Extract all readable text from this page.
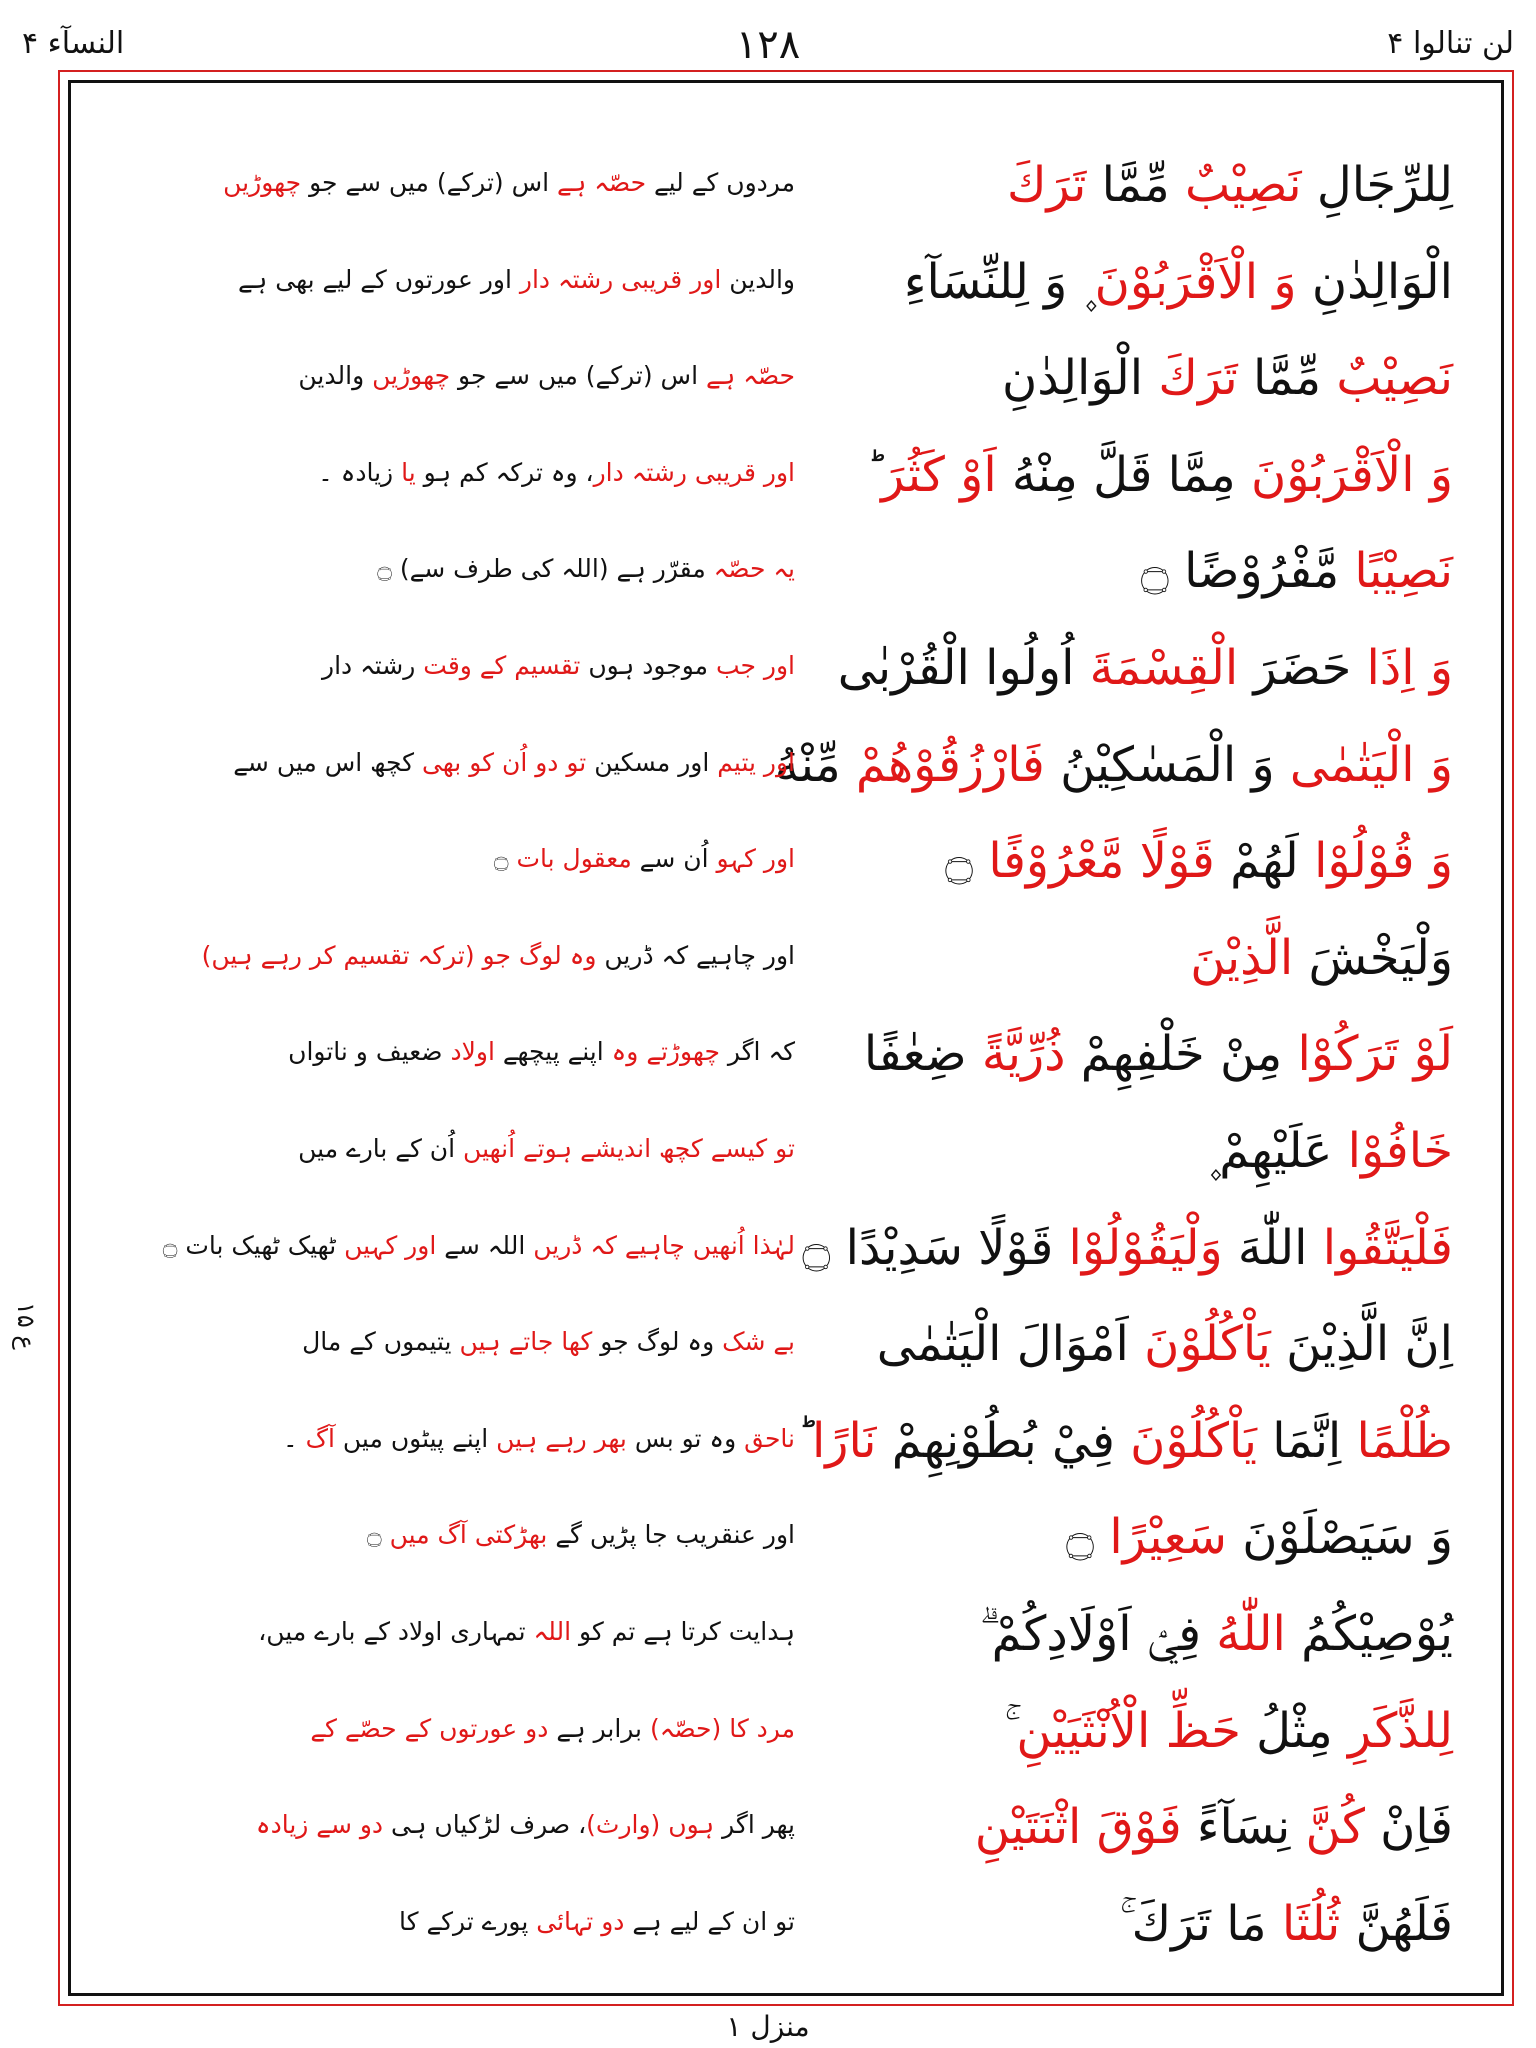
النسآء ۴	۱۲۸	لن تنالوا ۴
ع ۱۵
لِلرِّجَالِ نَصِيْبٌ مِّمَّا تَرَكَ
مردوں کے لیے حصّہ ہے اس (ترکے) میں سے جو چھوڑیں
الْوَالِدٰنِ وَ الْاَقْرَبُوْنَ ۪ وَ لِلنِّسَآءِ
والدین اور قریبی رشتہ دار اور عورتوں کے لیے بھی ہے
نَصِيْبٌ مِّمَّا تَرَكَ الْوَالِدٰنِ
حصّہ ہے اس (ترکے) میں سے جو چھوڑیں والدین
وَ الْاَقْرَبُوْنَ مِمَّا قَلَّ مِنْهُ اَوْ كَثُرَ ؕ
اور قریبی رشتہ دار، وہ ترکہ کم ہو یا زیادہ ۔
نَصِيْبًا مَّفْرُوْضًا ۝
یہ حصّہ مقرّر ہے (اللہ کی طرف سے) ۝
وَ اِذَا حَضَرَ الْقِسْمَةَ اُولُوا الْقُرْبٰى
اور جب موجود ہوں تقسیم کے وقت رشتہ دار
وَ الْيَتٰمٰى وَ الْمَسٰكِيْنُ فَارْزُقُوْهُمْ مِّنْهُ
اور یتیم اور مسکین تو دو اُن کو بھی کچھ اس میں سے
وَ قُوْلُوْا لَهُمْ قَوْلًا مَّعْرُوْفًا ۝
اور کہو اُن سے معقول بات ۝
وَلْيَخْشَ الَّذِيْنَ
اور چاہیے کہ ڈریں وہ لوگ جو (ترکہ تقسیم کر رہے ہیں)
لَوْ تَرَكُوْا مِنْ خَلْفِهِمْ ذُرِّيَّةً ضِعٰفًا
کہ اگر چھوڑتے وہ اپنے پیچھے اولاد ضعیف و ناتواں
خَافُوْا عَلَيْهِمْ ۪
تو کیسے کچھ اندیشے ہوتے اُنھیں اُن کے بارے میں
فَلْيَتَّقُوا اللّٰهَ وَلْيَقُوْلُوْا قَوْلًا سَدِيْدًا ۝
لہٰذا اُنھیں چاہیے کہ ڈریں اللہ سے اور کہیں ٹھیک ٹھیک بات ۝
اِنَّ الَّذِيْنَ يَاْكُلُوْنَ اَمْوَالَ الْيَتٰمٰى
بے شک وہ لوگ جو کھا جاتے ہیں یتیموں کے مال
ظُلْمًا اِنَّمَا يَاْكُلُوْنَ فِيْ بُطُوْنِهِمْ نَارًا ؕ
ناحق وہ تو بس بھر رہے ہیں اپنے پیٹوں میں آگ ۔
وَ سَيَصْلَوْنَ سَعِيْرًا ۝
اور عنقریب جا پڑیں گے بھڑکتی آگ میں ۝
يُوْصِيْكُمُ اللّٰهُ فِيْۤ اَوْلَادِكُمْ ۗ
ہدایت کرتا ہے تم کو اللہ تمہاری اولاد کے بارے میں،
لِلذَّكَرِ مِثْلُ حَظِّ الْاُنْثَيَيْنِ ۚ
مرد کا (حصّہ) برابر ہے دو عورتوں کے حصّے کے
فَاِنْ كُنَّ نِسَآءً فَوْقَ اثْنَتَيْنِ
پھر اگر ہوں (وارث)، صرف لڑکیاں ہی دو سے زیادہ
فَلَهُنَّ ثُلُثَا مَا تَرَكَ ۚ
تو ان کے لیے ہے دو تہائی پورے ترکے کا
منزل ۱
